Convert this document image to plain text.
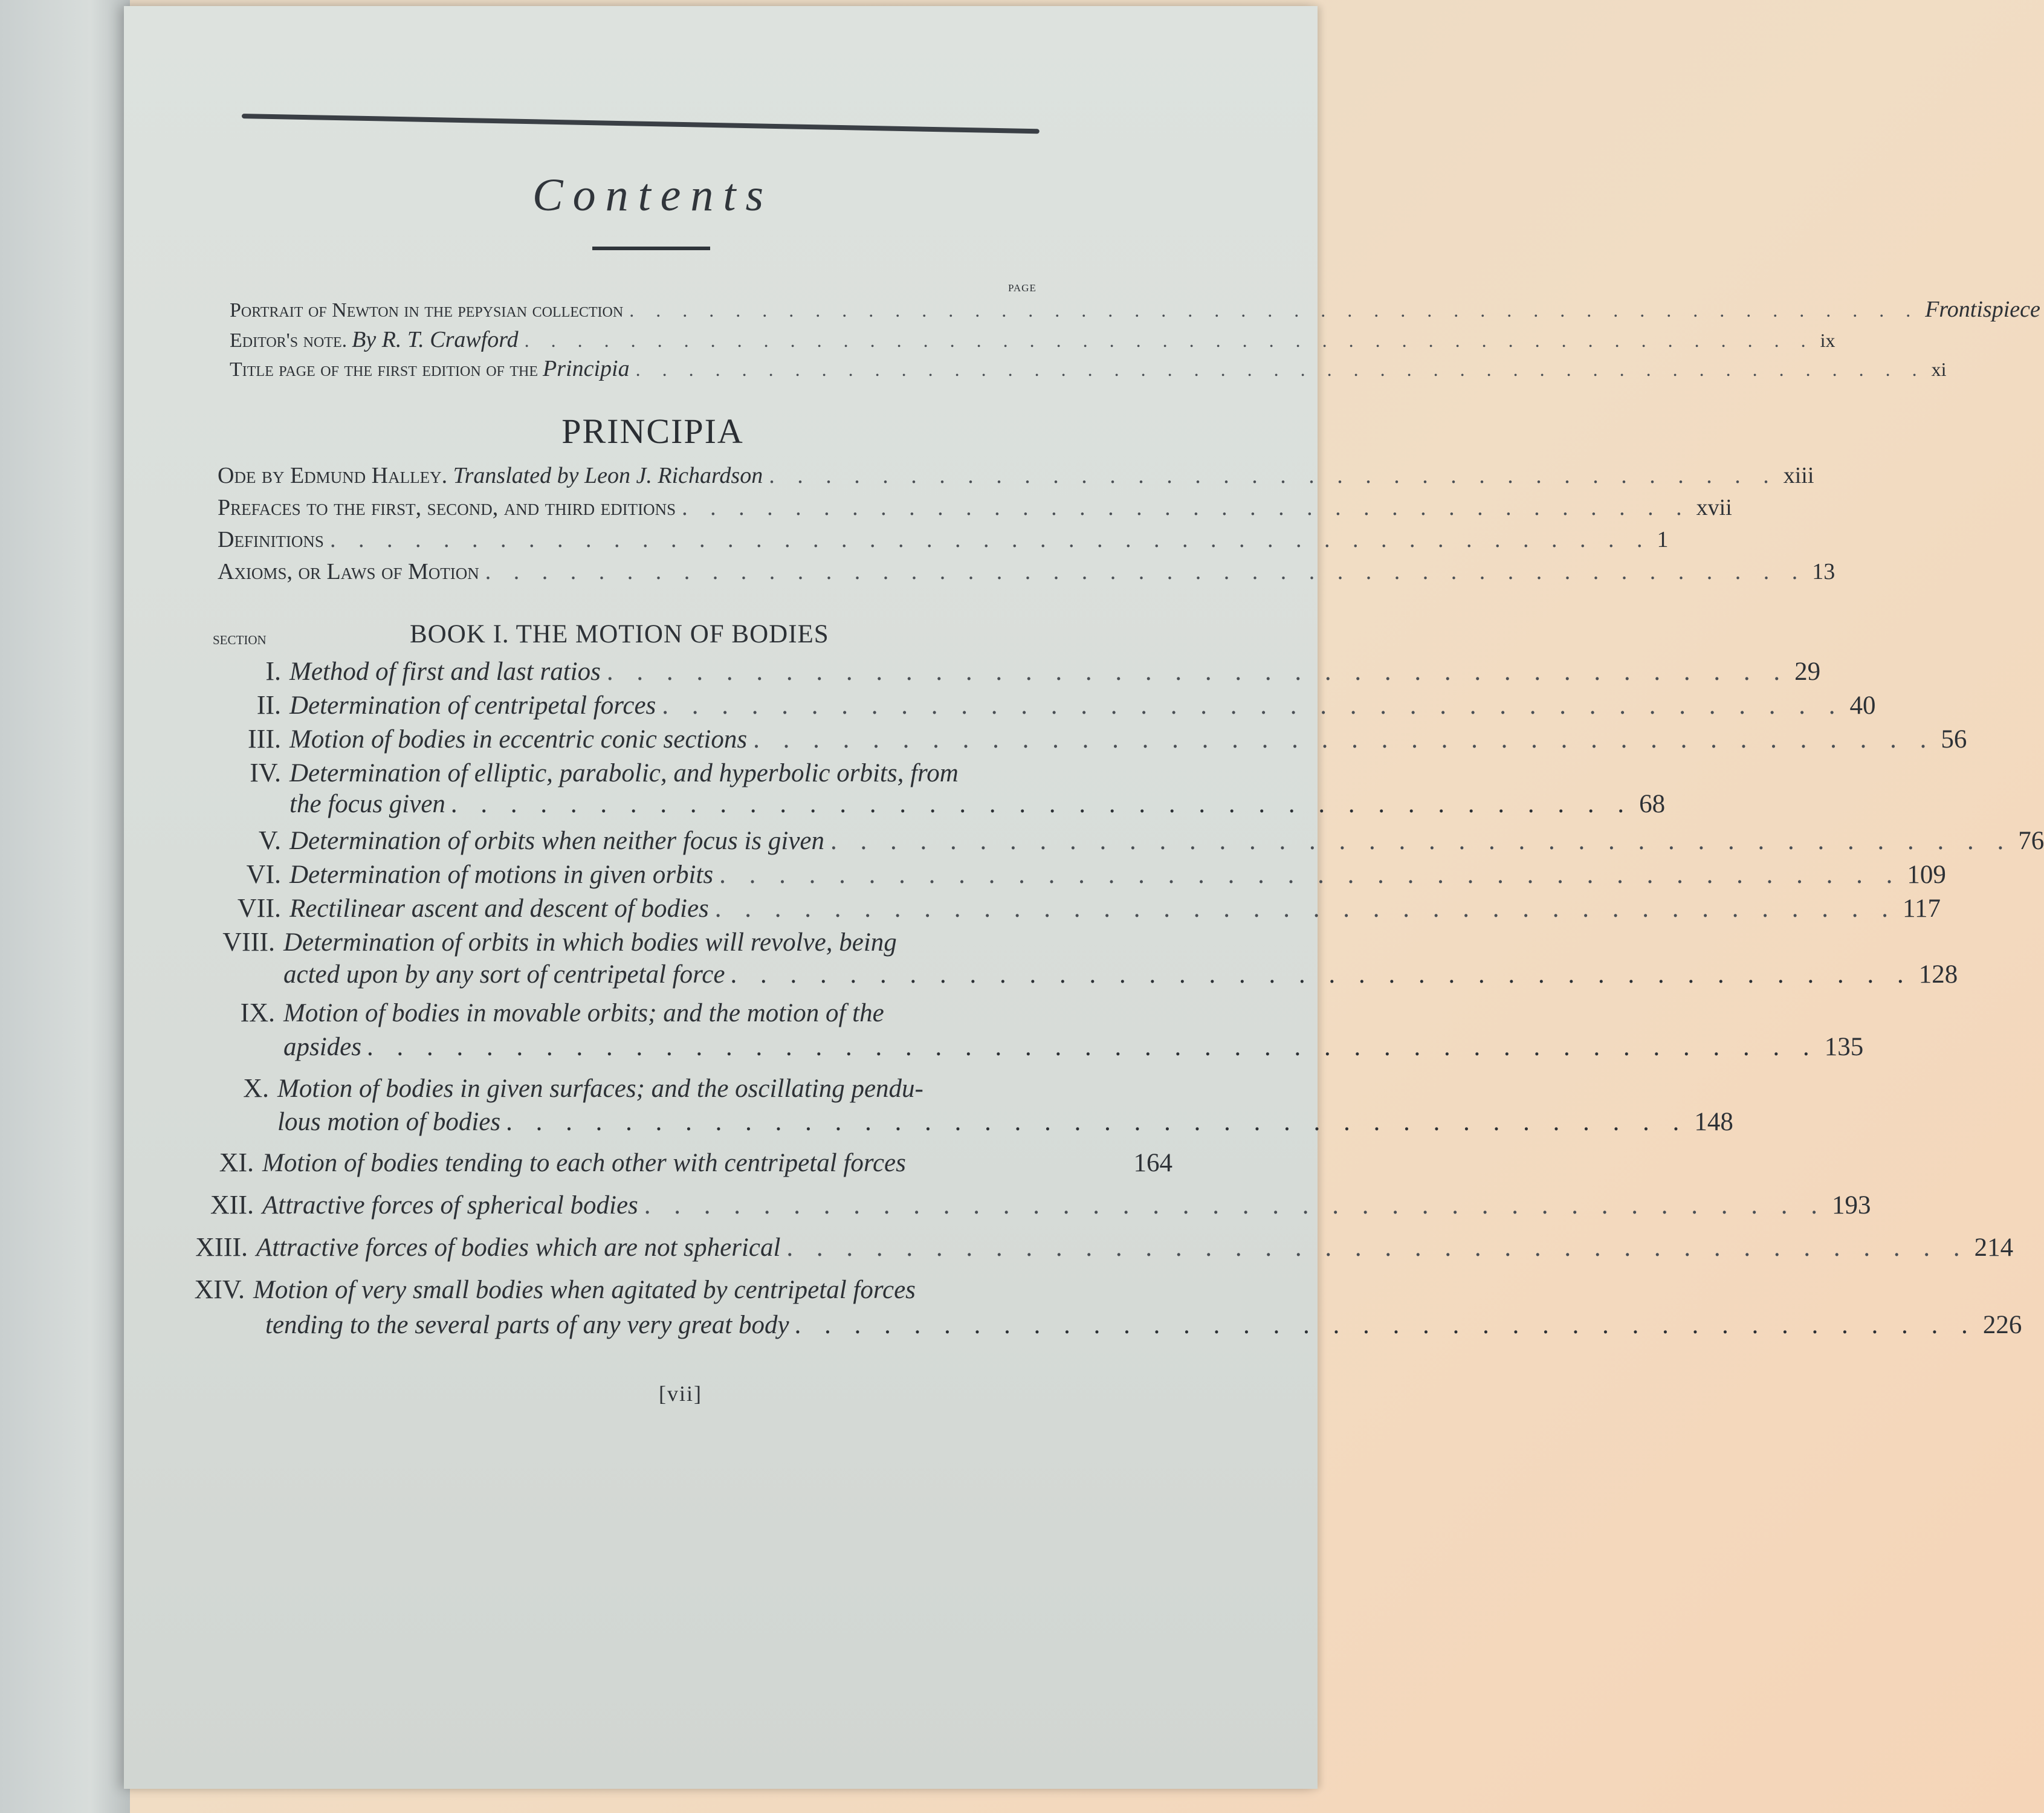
Contents
page
Portrait of Newton in the pepysian collection . . . . . . . . . . . . . . . . . . . . . . . . . . . . . . . . . . . . . . . . . . . . . . . . . Frontispiece
Editor's note. By R. T. Crawford . . . . . . . . . . . . . . . . . . . . . . . . . . . . . . . . . . . . . . . . . . . . . . . . . ix
Title page of the first edition of the Principia . . . . . . . . . . . . . . . . . . . . . . . . . . . . . . . . . . . . . . . . . . . . . . . . . xi
PRINCIPIA
Ode by Edmund Halley. Translated by Leon J. Richardson . . . . . . . . . . . . . . . . . . . . . . . . . . . . . . . . . . . . xiii
Prefaces to the first, second, and third editions . . . . . . . . . . . . . . . . . . . . . . . . . . . . . . . . . . . . xvii
Definitions . . . . . . . . . . . . . . . . . . . . . . . . . . . . . . . . . . . . . . . . . . . . . . . 1
Axioms, or Laws of Motion . . . . . . . . . . . . . . . . . . . . . . . . . . . . . . . . . . . . . . . . . . . . . . . 13
section	BOOK I. THE MOTION OF BODIES
I. Method of first and last ratios . . . . . . . . . . . . . . . . . . . . . . . . . . . . . . . . . . . . . . . . 29
II. Determination of centripetal forces . . . . . . . . . . . . . . . . . . . . . . . . . . . . . . . . . . . . . . . . 40
III. Motion of bodies in eccentric conic sections . . . . . . . . . . . . . . . . . . . . . . . . . . . . . . . . . . . . . . . . 56
IV. Determination of elliptic, parabolic, and hyperbolic orbits, from
the focus given . . . . . . . . . . . . . . . . . . . . . . . . . . . . . . . . . . . . . . . . 68
V. Determination of orbits when neither focus is given . . . . . . . . . . . . . . . . . . . . . . . . . . . . . . . . . . . . . . . . 76
VI. Determination of motions in given orbits . . . . . . . . . . . . . . . . . . . . . . . . . . . . . . . . . . . . . . . . 109
VII. Rectilinear ascent and descent of bodies . . . . . . . . . . . . . . . . . . . . . . . . . . . . . . . . . . . . . . . . 117
VIII. Determination of orbits in which bodies will revolve, being
acted upon by any sort of centripetal force . . . . . . . . . . . . . . . . . . . . . . . . . . . . . . . . . . . . . . . . 128
IX. Motion of bodies in movable orbits; and the motion of the
apsides . . . . . . . . . . . . . . . . . . . . . . . . . . . . . . . . . . . . . . . . . . . . . . . . . 135
X. Motion of bodies in given surfaces; and the oscillating pendu-
lous motion of bodies . . . . . . . . . . . . . . . . . . . . . . . . . . . . . . . . . . . . . . . . 148
XI. Motion of bodies tending to each other with centripetal forces	164
XII. Attractive forces of spherical bodies . . . . . . . . . . . . . . . . . . . . . . . . . . . . . . . . . . . . . . . . 193
XIII. Attractive forces of bodies which are not spherical . . . . . . . . . . . . . . . . . . . . . . . . . . . . . . . . . . . . . . . . 214
XIV. Motion of very small bodies when agitated by centripetal forces
tending to the several parts of any very great body . . . . . . . . . . . . . . . . . . . . . . . . . . . . . . . . . . . . . . . . 226
[vii]
